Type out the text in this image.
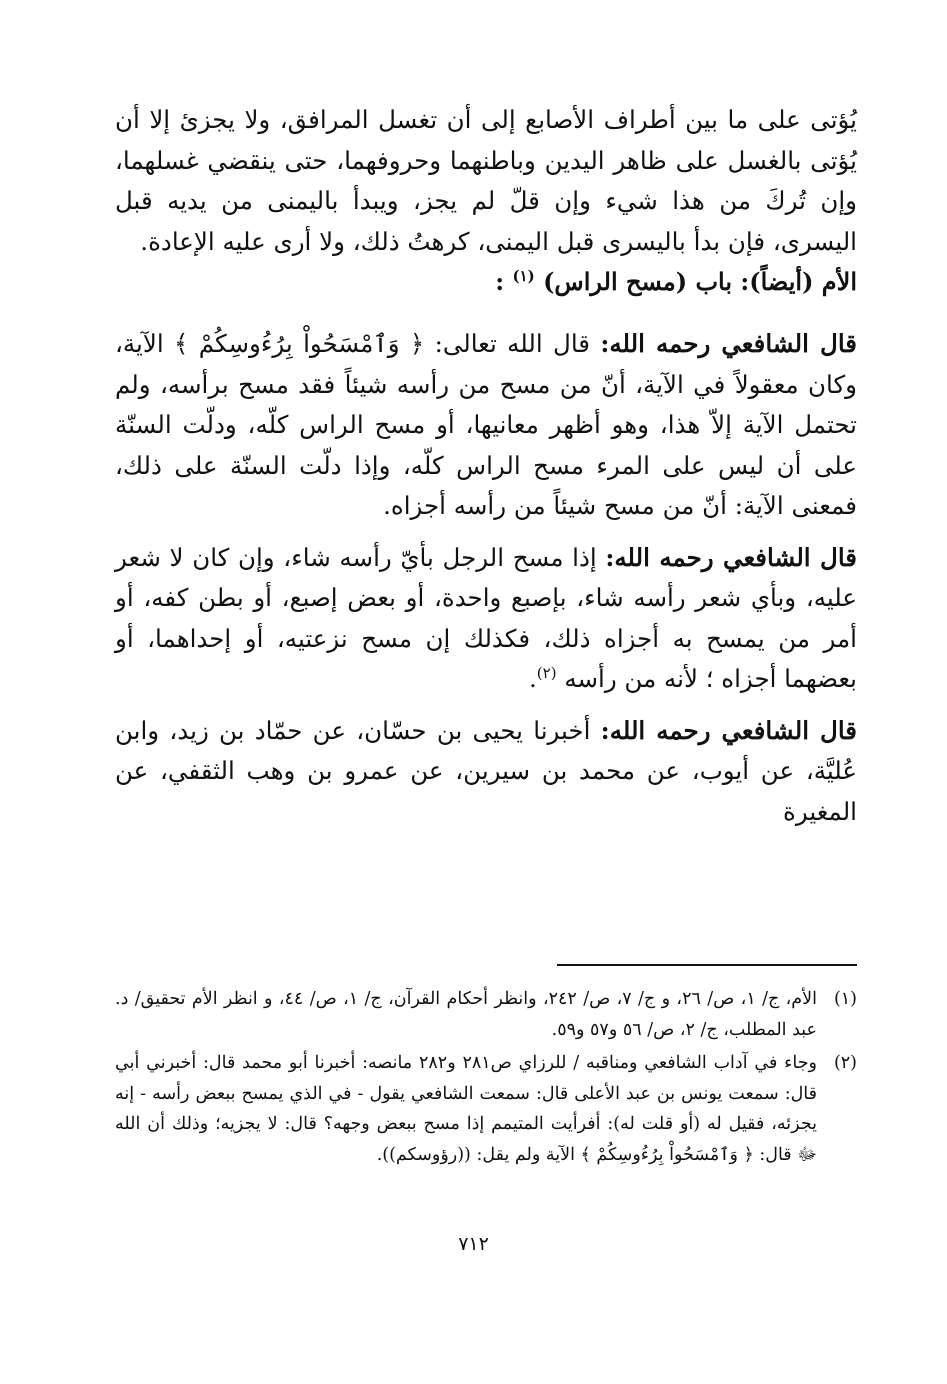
يُؤتى على ما بين أطراف الأصابع إلى أن تغسل المرافق، ولا يجزئ إلا أن يُؤتى بالغسل على ظاهر اليدين وباطنهما وحروفهما، حتى ينقضي غسلهما، وإن تُركَ من هذا شيء وإن قلّ لم يجز، ويبدأ باليمنى من يديه قبل اليسرى، فإن بدأ باليسرى قبل اليمنى، كرهتُ ذلك، ولا أرى عليه الإعادة.

الأم (أيضاً): باب (مسح الراس) $^{(١)}$ :

قال الشافعي رحمه الله: قال الله تعالى: ﴿ وَٱمْسَحُواْ بِرُءُوسِكُمْ ﴾ الآية، وكان معقولاً في الآية، أنّ من مسح من رأسه شيئاً فقد مسح برأسه، ولم تحتمل الآية إلاّ هذا، وهو أظهر معانيها، أو مسح الراس كلّه، ودلّت السنّة على أن ليس على المرء مسح الراس كلّه، وإذا دلّت السنّة على ذلك، فمعنى الآية: أنّ من مسح شيئاً من رأسه أجزاه.

قال الشافعي رحمه الله: إذا مسح الرجل بأيّ رأسه شاء، وإن كان لا شعر عليه، وبأي شعر رأسه شاء، بإصبع واحدة، أو بعض إصبع، أو بطن كفه، أو أمر من يمسح به أجزاه ذلك، فكذلك إن مسح نزعتيه، أو إحداهما، أو بعضهما أجزاه ؛ لأنه من رأسه $^{(٢)}$.

قال الشافعي رحمه الله: أخبرنا يحيى بن حسّان، عن حمّاد بن زيد، وابن عُليَّة، عن أيوب، عن محمد بن سيرين، عن عمرو بن وهب الثقفي، عن المغيرة

(١)
الأم، ج/ ١، ص/ ٢٦، و ج/ ٧، ص/ ٢٤٢، وانظر أحكام القرآن، ج/ ١، ص/ ٤٤، و انظر الأم تحقيق/ د. عبد المطلب، ج/ ٢، ص/ ٥٦ و٥٧ و٥٩.
(٢)
وجاء في آداب الشافعي ومناقبه / للرزاي ص٢٨١ و٢٨٢ مانصه: أخبرنا أبو محمد قال: أخبرني أبي قال: سمعت يونس بن عبد الأعلى قال: سمعت الشافعي يقول - في الذي يمسح ببعض رأسه - إنه يجزئه، فقيل له (أو قلت له): أفرأيت المتيمم إذا مسح ببعض وجهه؟ قال: لا يجزيه؛ وذلك أن الله ﷻ قال: ﴿ وَٱمْسَحُواْ بِرُءُوسِكُمْ ﴾ الآية ولم يقل: ((رؤوسكم)).
٧١٢
